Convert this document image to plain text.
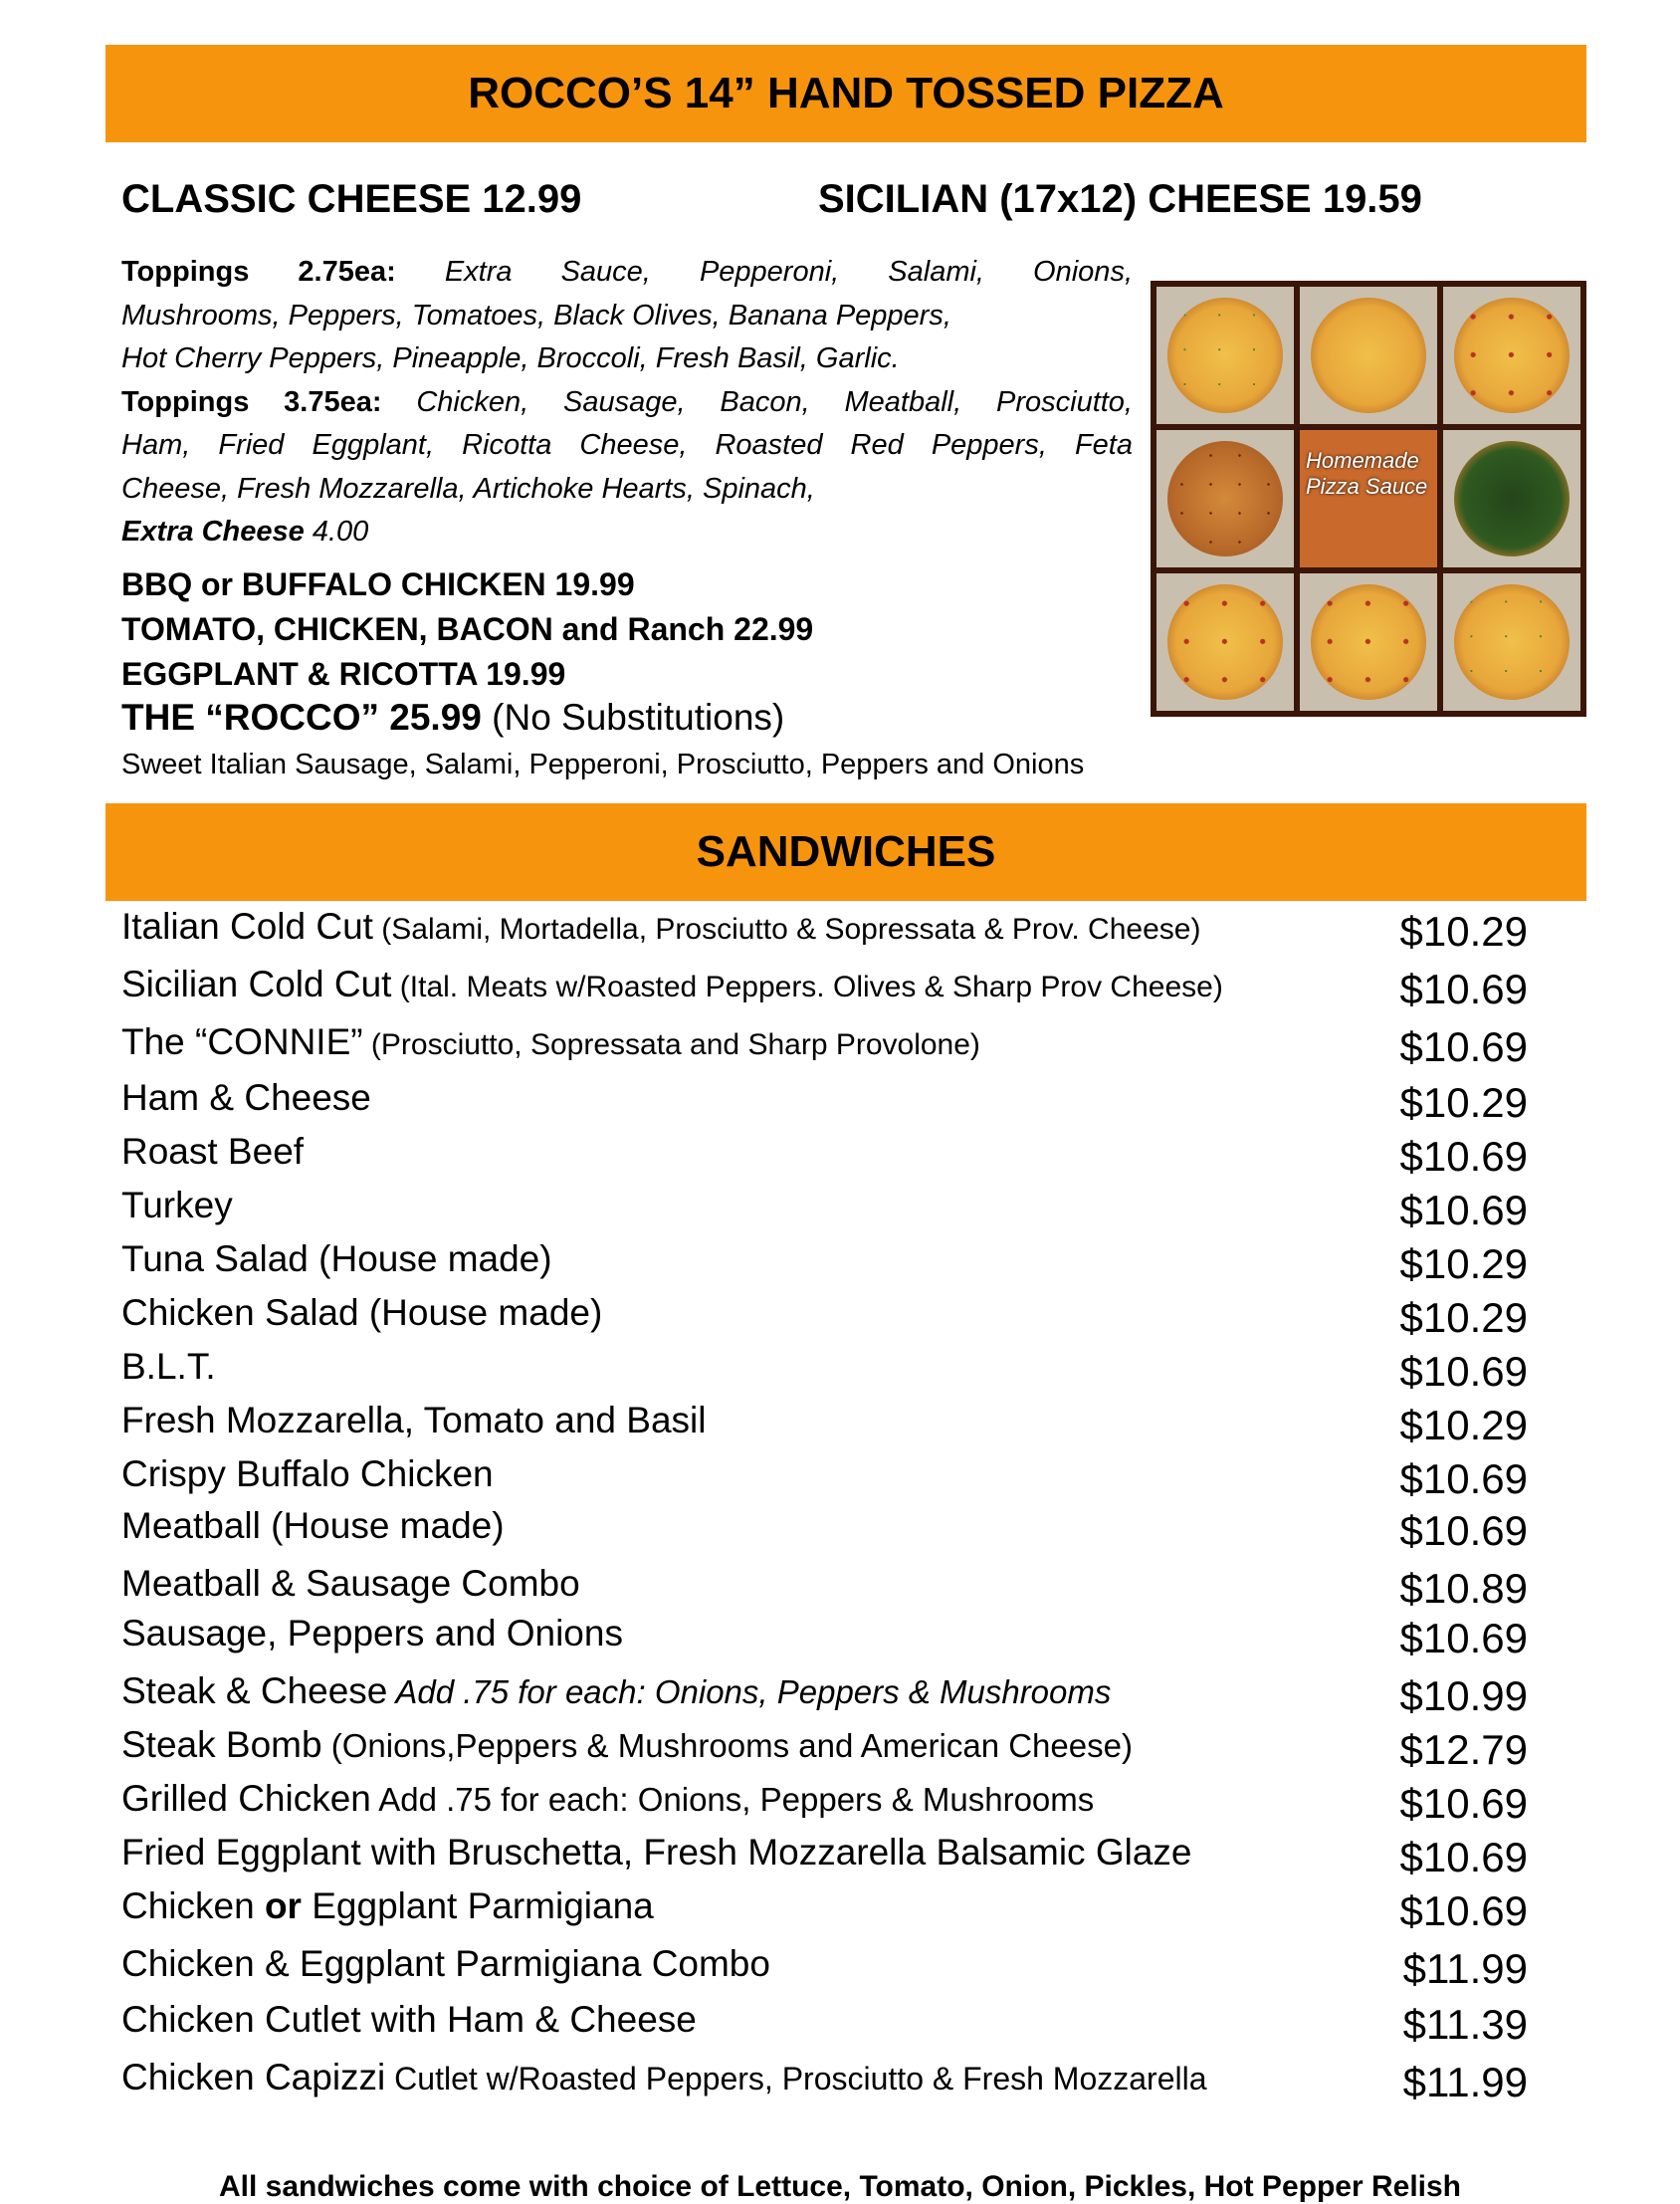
ROCCO’S 14” HAND TOSSED PIZZA
CLASSIC CHEESE 12.99	SICILIAN (17x12) CHEESE 19.59
Toppings 2.75ea: Extra Sauce, Pepperoni, Salami, Onions,
Mushrooms, Peppers, Tomatoes, Black Olives, Banana Peppers,
Hot Cherry Peppers, Pineapple, Broccoli, Fresh Basil, Garlic.
Toppings 3.75ea: Chicken, Sausage, Bacon, Meatball, Prosciutto,
Ham, Fried Eggplant, Ricotta Cheese, Roasted Red Peppers, Feta
Cheese, Fresh Mozzarella, Artichoke Hearts, Spinach,
Extra Cheese 4.00
BBQ or BUFFALO CHICKEN 19.99
TOMATO, CHICKEN, BACON and Ranch 22.99
EGGPLANT & RICOTTA 19.99
THE “ROCCO” 25.99 (No Substitutions)
Sweet Italian Sausage, Salami, Pepperoni, Prosciutto, Peppers and Onions
Homemade Pizza Sauce
SANDWICHES
Italian Cold Cut (Salami, Mortadella, Prosciutto & Sopressata & Prov. Cheese)	$10.29
Sicilian Cold Cut (Ital. Meats w/Roasted Peppers. Olives & Sharp Prov Cheese)	$10.69
The “CONNIE” (Prosciutto, Sopressata and Sharp Provolone)	$10.69
Ham & Cheese	$10.29
Roast Beef	$10.69
Turkey	$10.69
Tuna Salad (House made)	$10.29
Chicken Salad (House made)	$10.29
B.L.T.	$10.69
Fresh Mozzarella, Tomato and Basil	$10.29
Crispy Buffalo Chicken	$10.69
Meatball (House made)	$10.69
Meatball & Sausage Combo	$10.89
Sausage, Peppers and Onions	$10.69
Steak & Cheese Add .75 for each: Onions, Peppers & Mushrooms	$10.99
Steak Bomb (Onions,Peppers & Mushrooms and American Cheese)	$12.79
Grilled Chicken Add .75 for each: Onions, Peppers & Mushrooms	$10.69
Fried Eggplant with Bruschetta, Fresh Mozzarella Balsamic Glaze	$10.69
Chicken or Eggplant Parmigiana	$10.69
Chicken & Eggplant Parmigiana Combo	$11.99
Chicken Cutlet with Ham & Cheese	$11.39
Chicken Capizzi Cutlet w/Roasted Peppers, Prosciutto & Fresh Mozzarella	$11.99
All sandwiches come with choice of Lettuce, Tomato, Onion, Pickles, Hot Pepper Relish
